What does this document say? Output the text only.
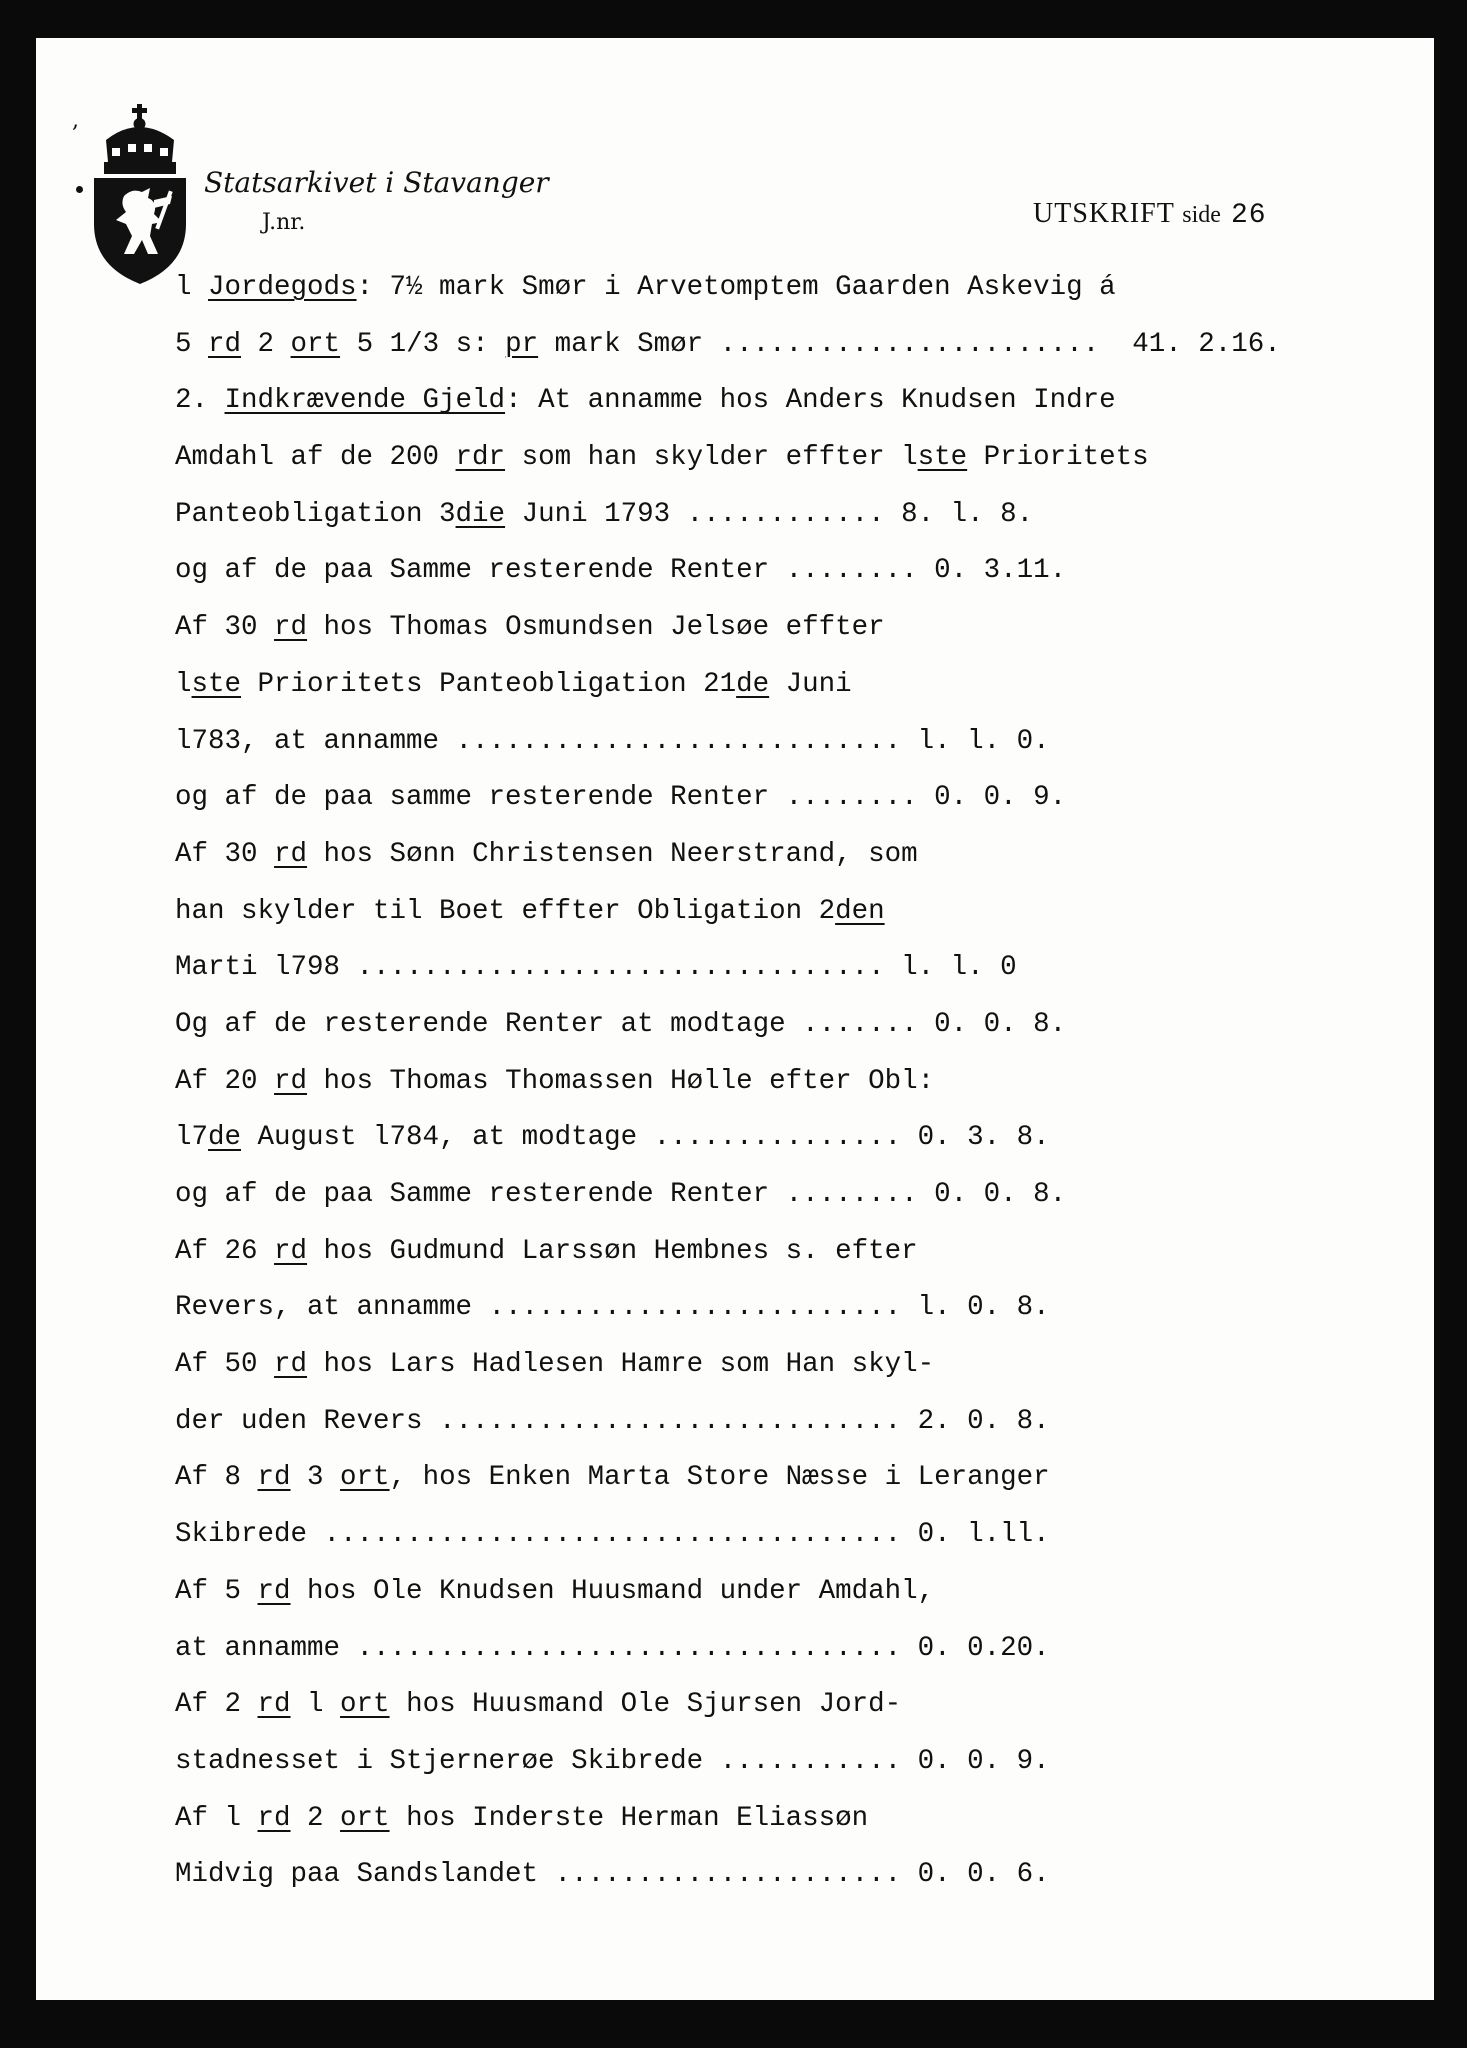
,
Statsarkivet i Stavanger
J.nr.	UTSKRIFT side 26
l Jordegods: 7½ mark Smør i Arvetomptem Gaarden Askevig á
5 rd 2 ort 5 1/3 s: pr mark Smør .......................  41. 2.16.
2. Indkrævende Gjeld: At annamme hos Anders Knudsen Indre
Amdahl af de 200 rdr som han skylder effter lste Prioritets
Panteobligation 3die Juni 1793 ............ 8. l. 8.
og af de paa Samme resterende Renter ........ 0. 3.11.
Af 30 rd hos Thomas Osmundsen Jelsøe effter
lste Prioritets Panteobligation 21de Juni
l783, at annamme ........................... l. l. 0.
og af de paa samme resterende Renter ........ 0. 0. 9.
Af 30 rd hos Sønn Christensen Neerstrand, som
han skylder til Boet effter Obligation 2den
Marti l798 ................................ l. l. 0
Og af de resterende Renter at modtage ....... 0. 0. 8.
Af 20 rd hos Thomas Thomassen Hølle efter Obl:
l7de August l784, at modtage ............... 0. 3. 8.
og af de paa Samme resterende Renter ........ 0. 0. 8.
Af 26 rd hos Gudmund Larssøn Hembnes s. efter
Revers, at annamme ......................... l. 0. 8.
Af 50 rd hos Lars Hadlesen Hamre som Han skyl-
der uden Revers ............................ 2. 0. 8.
Af 8 rd 3 ort, hos Enken Marta Store Næsse i Leranger
Skibrede ................................... 0. l.ll.
Af 5 rd hos Ole Knudsen Huusmand under Amdahl,
at annamme ................................. 0. 0.20.
Af 2 rd l ort hos Huusmand Ole Sjursen Jord-
stadnesset i Stjernerøe Skibrede ........... 0. 0. 9.
Af l rd 2 ort hos Inderste Herman Eliassøn
Midvig paa Sandslandet ..................... 0. 0. 6.
